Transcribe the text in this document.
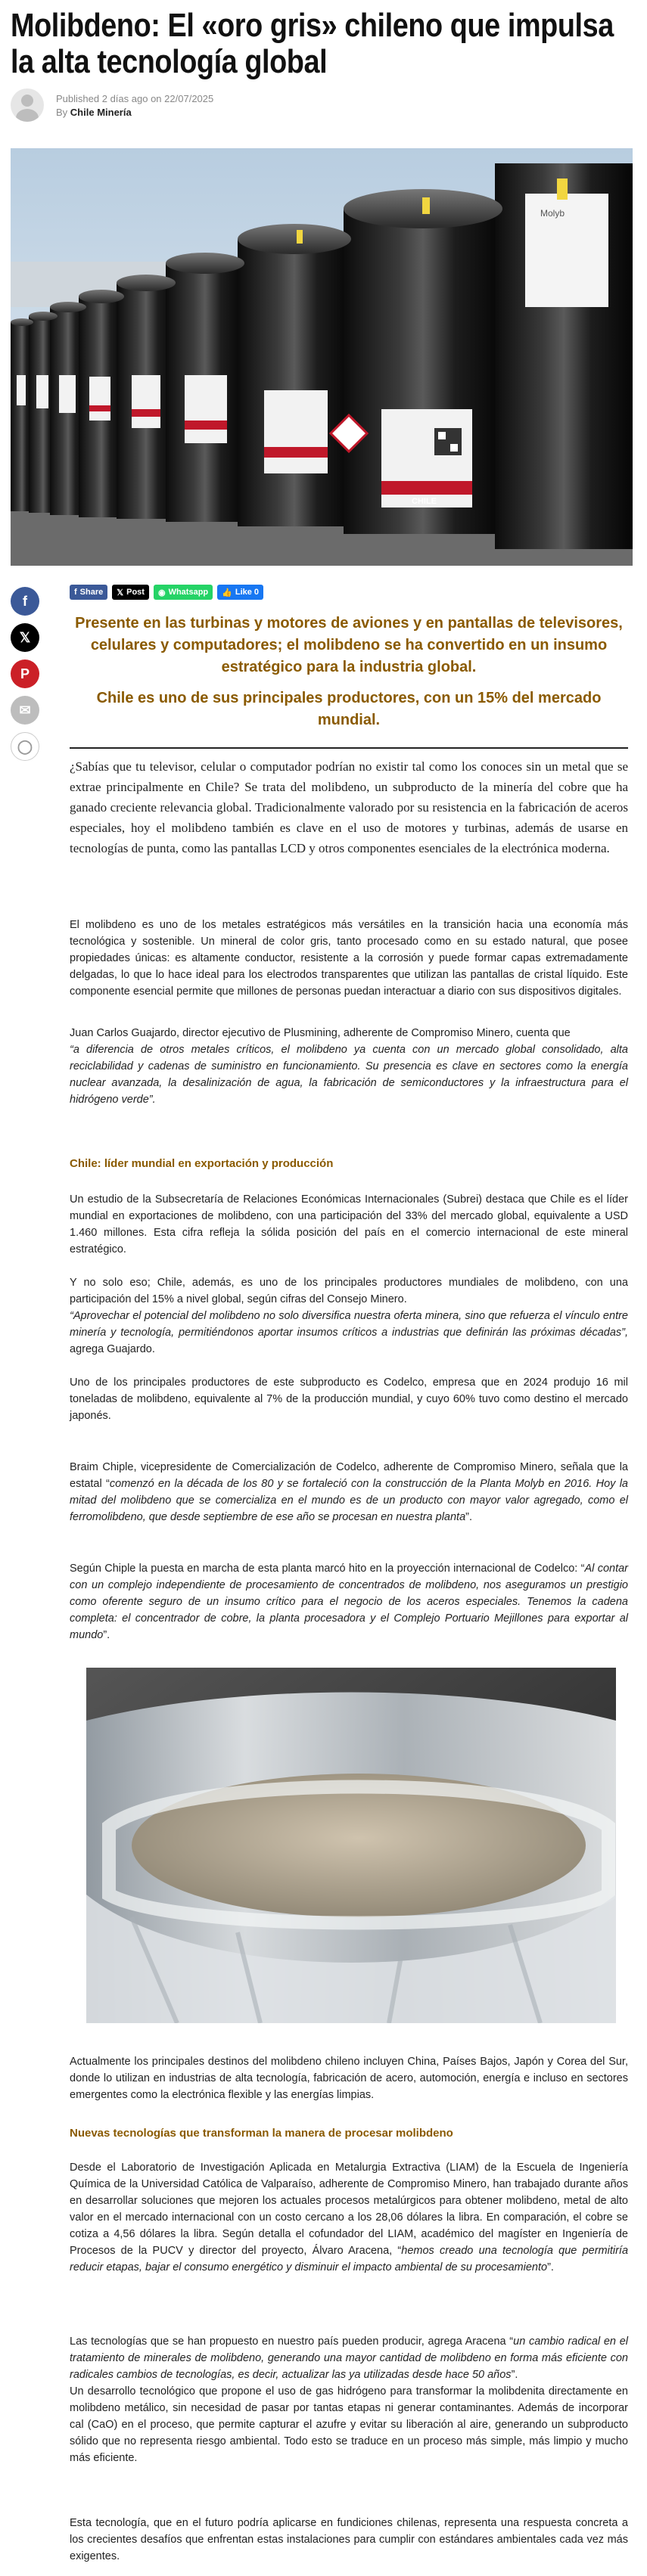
Molibdeno: El «oro gris» chileno que impulsa la alta tecnología global
Published 2 días ago on 22/07/2025
By Chile Minería
Molyb
CHILE
f
𝕏
P
✉
◯
f Share 𝕏 Post ◉ Whatsapp 👍 Like 0

Presente en las turbinas y motores de aviones y en pantallas de televisores, celulares y computadores; el molibdeno se ha convertido en un insumo estratégico para la industria global.

Chile es uno de sus principales productores, con un 15% del mercado mundial.

¿Sabías que tu televisor, celular o computador podrían no existir tal como los conoces sin un metal que se extrae principalmente en Chile? Se trata del molibdeno, un subproducto de la minería del cobre que ha ganado creciente relevancia global. Tradicionalmente valorado por su resistencia en la fabricación de aceros especiales, hoy el molibdeno también es clave en el uso de motores y turbinas, además de usarse en tecnologías de punta, como las pantallas LCD y otros componentes esenciales de la electrónica moderna.

El molibdeno es uno de los metales estratégicos más versátiles en la transición hacia una economía más tecnológica y sostenible. Un mineral de color gris, tanto procesado como en su estado natural, que posee propiedades únicas: es altamente conductor, resistente a la corrosión y puede formar capas extremadamente delgadas, lo que lo hace ideal para los electrodos transparentes que utilizan las pantallas de cristal líquido. Este componente esencial permite que millones de personas puedan interactuar a diario con sus dispositivos digitales.

Juan Carlos Guajardo, director ejecutivo de Plusmining, adherente de Compromiso Minero, cuenta que

“a diferencia de otros metales críticos, el molibdeno ya cuenta con un mercado global consolidado, alta reciclabilidad y cadenas de suministro en funcionamiento. Su presencia es clave en sectores como la energía nuclear avanzada, la desalinización de agua, la fabricación de semiconductores y la infraestructura para el hidrógeno verde”.

Chile: líder mundial en exportación y producción

Un estudio de la Subsecretaría de Relaciones Económicas Internacionales (Subrei) destaca que Chile es el líder mundial en exportaciones de molibdeno, con una participación del 33% del mercado global, equivalente a USD 1.460 millones. Esta cifra refleja la sólida posición del país en el comercio internacional de este mineral estratégico.

Y no solo eso; Chile, además, es uno de los principales productores mundiales de molibdeno, con una participación del 15% a nivel global, según cifras del Consejo Minero.

“Aprovechar el potencial del molibdeno no solo diversifica nuestra oferta minera, sino que refuerza el vínculo entre minería y tecnología, permitiéndonos aportar insumos críticos a industrias que definirán las próximas décadas”, agrega Guajardo.

Uno de los principales productores de este subproducto es Codelco, empresa que en 2024 produjo 16 mil toneladas de molibdeno, equivalente al 7% de la producción mundial, y cuyo 60% tuvo como destino el mercado japonés.

Braim Chiple, vicepresidente de Comercialización de Codelco, adherente de Compromiso Minero, señala que la estatal “comenzó en la década de los 80 y se fortaleció con la construcción de la Planta Molyb en 2016. Hoy la mitad del molibdeno que se comercializa en el mundo es de un producto con mayor valor agregado, como el ferromolibdeno, que desde septiembre de ese año se procesan en nuestra planta”.

Según Chiple la puesta en marcha de esta planta marcó hito en la proyección internacional de Codelco: “Al contar con un complejo independiente de procesamiento de concentrados de molibdeno, nos aseguramos un prestigio como oferente seguro de un insumo crítico para el negocio de los aceros especiales. Tenemos la cadena completa: el concentrador de cobre, la planta procesadora y el Complejo Portuario Mejillones para exportar al mundo”.

Actualmente los principales destinos del molibdeno chileno incluyen China, Países Bajos, Japón y Corea del Sur, donde lo utilizan en industrias de alta tecnología, fabricación de acero, automoción, energía e incluso en sectores emergentes como la electrónica flexible y las energías limpias.

Nuevas tecnologías que transforman la manera de procesar molibdeno

Desde el Laboratorio de Investigación Aplicada en Metalurgia Extractiva (LIAM) de la Escuela de Ingeniería Química de la Universidad Católica de Valparaíso, adherente de Compromiso Minero, han trabajado durante años en desarrollar soluciones que mejoren los actuales procesos metalúrgicos para obtener molibdeno, metal de alto valor en el mercado internacional con un costo cercano a los 28,06 dólares la libra. En comparación, el cobre se cotiza a 4,56 dólares la libra. Según detalla el cofundador del LIAM, académico del magíster en Ingeniería de Procesos de la PUCV y director del proyecto, Álvaro Aracena, “hemos creado una tecnología que permitiría reducir etapas, bajar el consumo energético y disminuir el impacto ambiental de su procesamiento”.

Las tecnologías que se han propuesto en nuestro país pueden producir, agrega Aracena “un cambio radical en el tratamiento de minerales de molibdeno, generando una mayor cantidad de molibdeno en forma más eficiente con radicales cambios de tecnologías, es decir, actualizar las ya utilizadas desde hace 50 años”.

Un desarrollo tecnológico que propone el uso de gas hidrógeno para transformar la molibdenita directamente en molibdeno metálico, sin necesidad de pasar por tantas etapas ni generar contaminantes. Además de incorporar cal (CaO) en el proceso, que permite capturar el azufre y evitar su liberación al aire, generando un subproducto sólido que no representa riesgo ambiental. Todo esto se traduce en un proceso más simple, más limpio y mucho más eficiente.

Esta tecnología, que en el futuro podría aplicarse en fundiciones chilenas, representa una respuesta concreta a los crecientes desafíos que enfrentan estas instalaciones para cumplir con estándares ambientales cada vez más exigentes.
